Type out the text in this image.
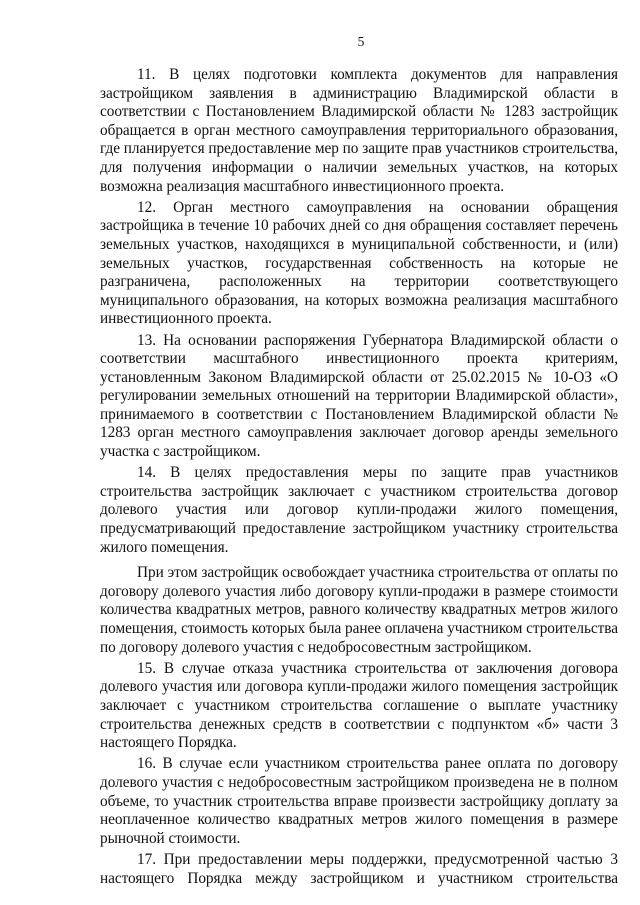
5

11. В целях подготовки комплекта документов для направления застройщиком заявления в администрацию Владимирской области в соответствии с Постановлением Владимирской области № 1283 застройщик обращается в орган местного самоуправления территориального образования, где планируется предоставление мер по защите прав участников строительства, для получения информации о наличии земельных участков, на которых возможна реализация масштабного инвестиционного проекта.

12. Орган местного самоуправления на основании обращения застройщика в течение 10 рабочих дней со дня обращения составляет перечень земельных участков, находящихся в муниципальной собственности, и (или) земельных участков, государственная собственность на которые не разграничена, расположенных на территории соответствующего муниципального образования, на которых возможна реализация масштабного инвестиционного проекта.

13. На основании распоряжения Губернатора Владимирской области о соответствии масштабного инвестиционного проекта критериям, установленным Законом Владимирской области от 25.02.2015 № 10-ОЗ «О регулировании земельных отношений на территории Владимирской области», принимаемого в соответствии с Постановлением Владимирской области № 1283 орган местного самоуправления заключает договор аренды земельного участка с застройщиком.

14. В целях предоставления меры по защите прав участников строительства застройщик заключает с участником строительства договор долевого участия или договор купли-продажи жилого помещения, предусматривающий предоставление застройщиком участнику строительства жилого помещения.

При этом застройщик освобождает участника строительства от оплаты по договору долевого участия либо договору купли-продажи в размере стоимости количества квадратных метров, равного количеству квадратных метров жилого помещения, стоимость которых была ранее оплачена участником строительства по договору долевого участия с недобросовестным застройщиком.

15. В случае отказа участника строительства от заключения договора долевого участия или договора купли-продажи жилого помещения застройщик заключает с участником строительства соглашение о выплате участнику строительства денежных средств в соответствии с подпунктом «б» части 3 настоящего Порядка.

16. В случае если участником строительства ранее оплата по договору долевого участия с недобросовестным застройщиком произведена не в полном объеме, то участник строительства вправе произвести застройщику доплату за неоплаченное количество квадратных метров жилого помещения в размере рыночной стоимости.

17. При предоставлении меры поддержки, предусмотренной частью 3 настоящего Порядка между застройщиком и участником строительства
